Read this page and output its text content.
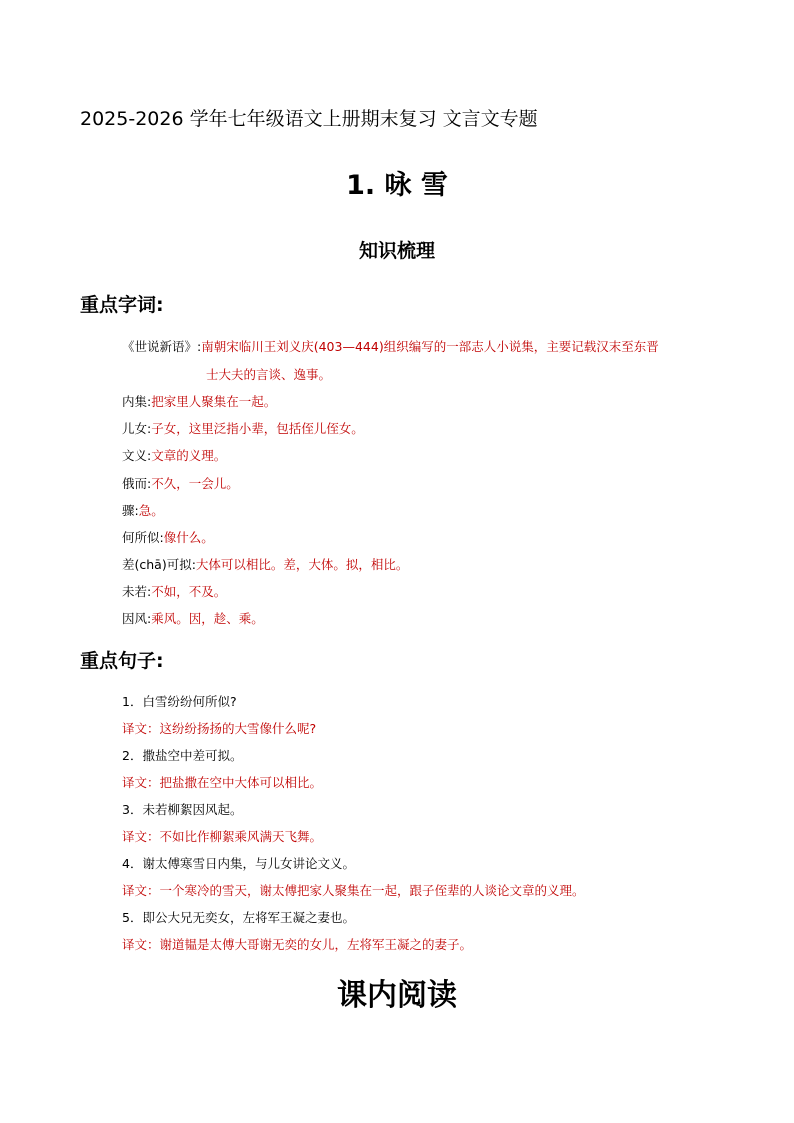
2025-2026 学年七年级语文上册期末复习 文言文专题
1. 咏 雪
知识梳理
重点字词:
《世说新语》:南朝宋临川王刘义庆(403—444)组织编写的一部志人小说集，主要记载汉末至东晋
士大夫的言谈、逸事。
内集:把家里人聚集在一起。
儿女:子女，这里泛指小辈，包括侄儿侄女。
文义:文章的义理。
俄而:不久，一会儿。
骤:急。
何所似:像什么。
差(chā)可拟:大体可以相比。差，大体。拟，相比。
未若:不如，不及。
因风:乘风。因，趁、乘。
重点句子:
1．白雪纷纷何所似?
译文：这纷纷扬扬的大雪像什么呢?
2．撒盐空中差可拟。
译文：把盐撒在空中大体可以相比。
3．未若柳絮因风起。
译文：不如比作柳絮乘风满天飞舞。
4．谢太傅寒雪日内集，与儿女讲论文义。
译文：一个寒冷的雪天，谢太傅把家人聚集在一起，跟子侄辈的人谈论文章的义理。
5．即公大兄无奕女，左将军王凝之妻也。
译文：谢道韫是太傅大哥谢无奕的女儿，左将军王凝之的妻子。
课内阅读
